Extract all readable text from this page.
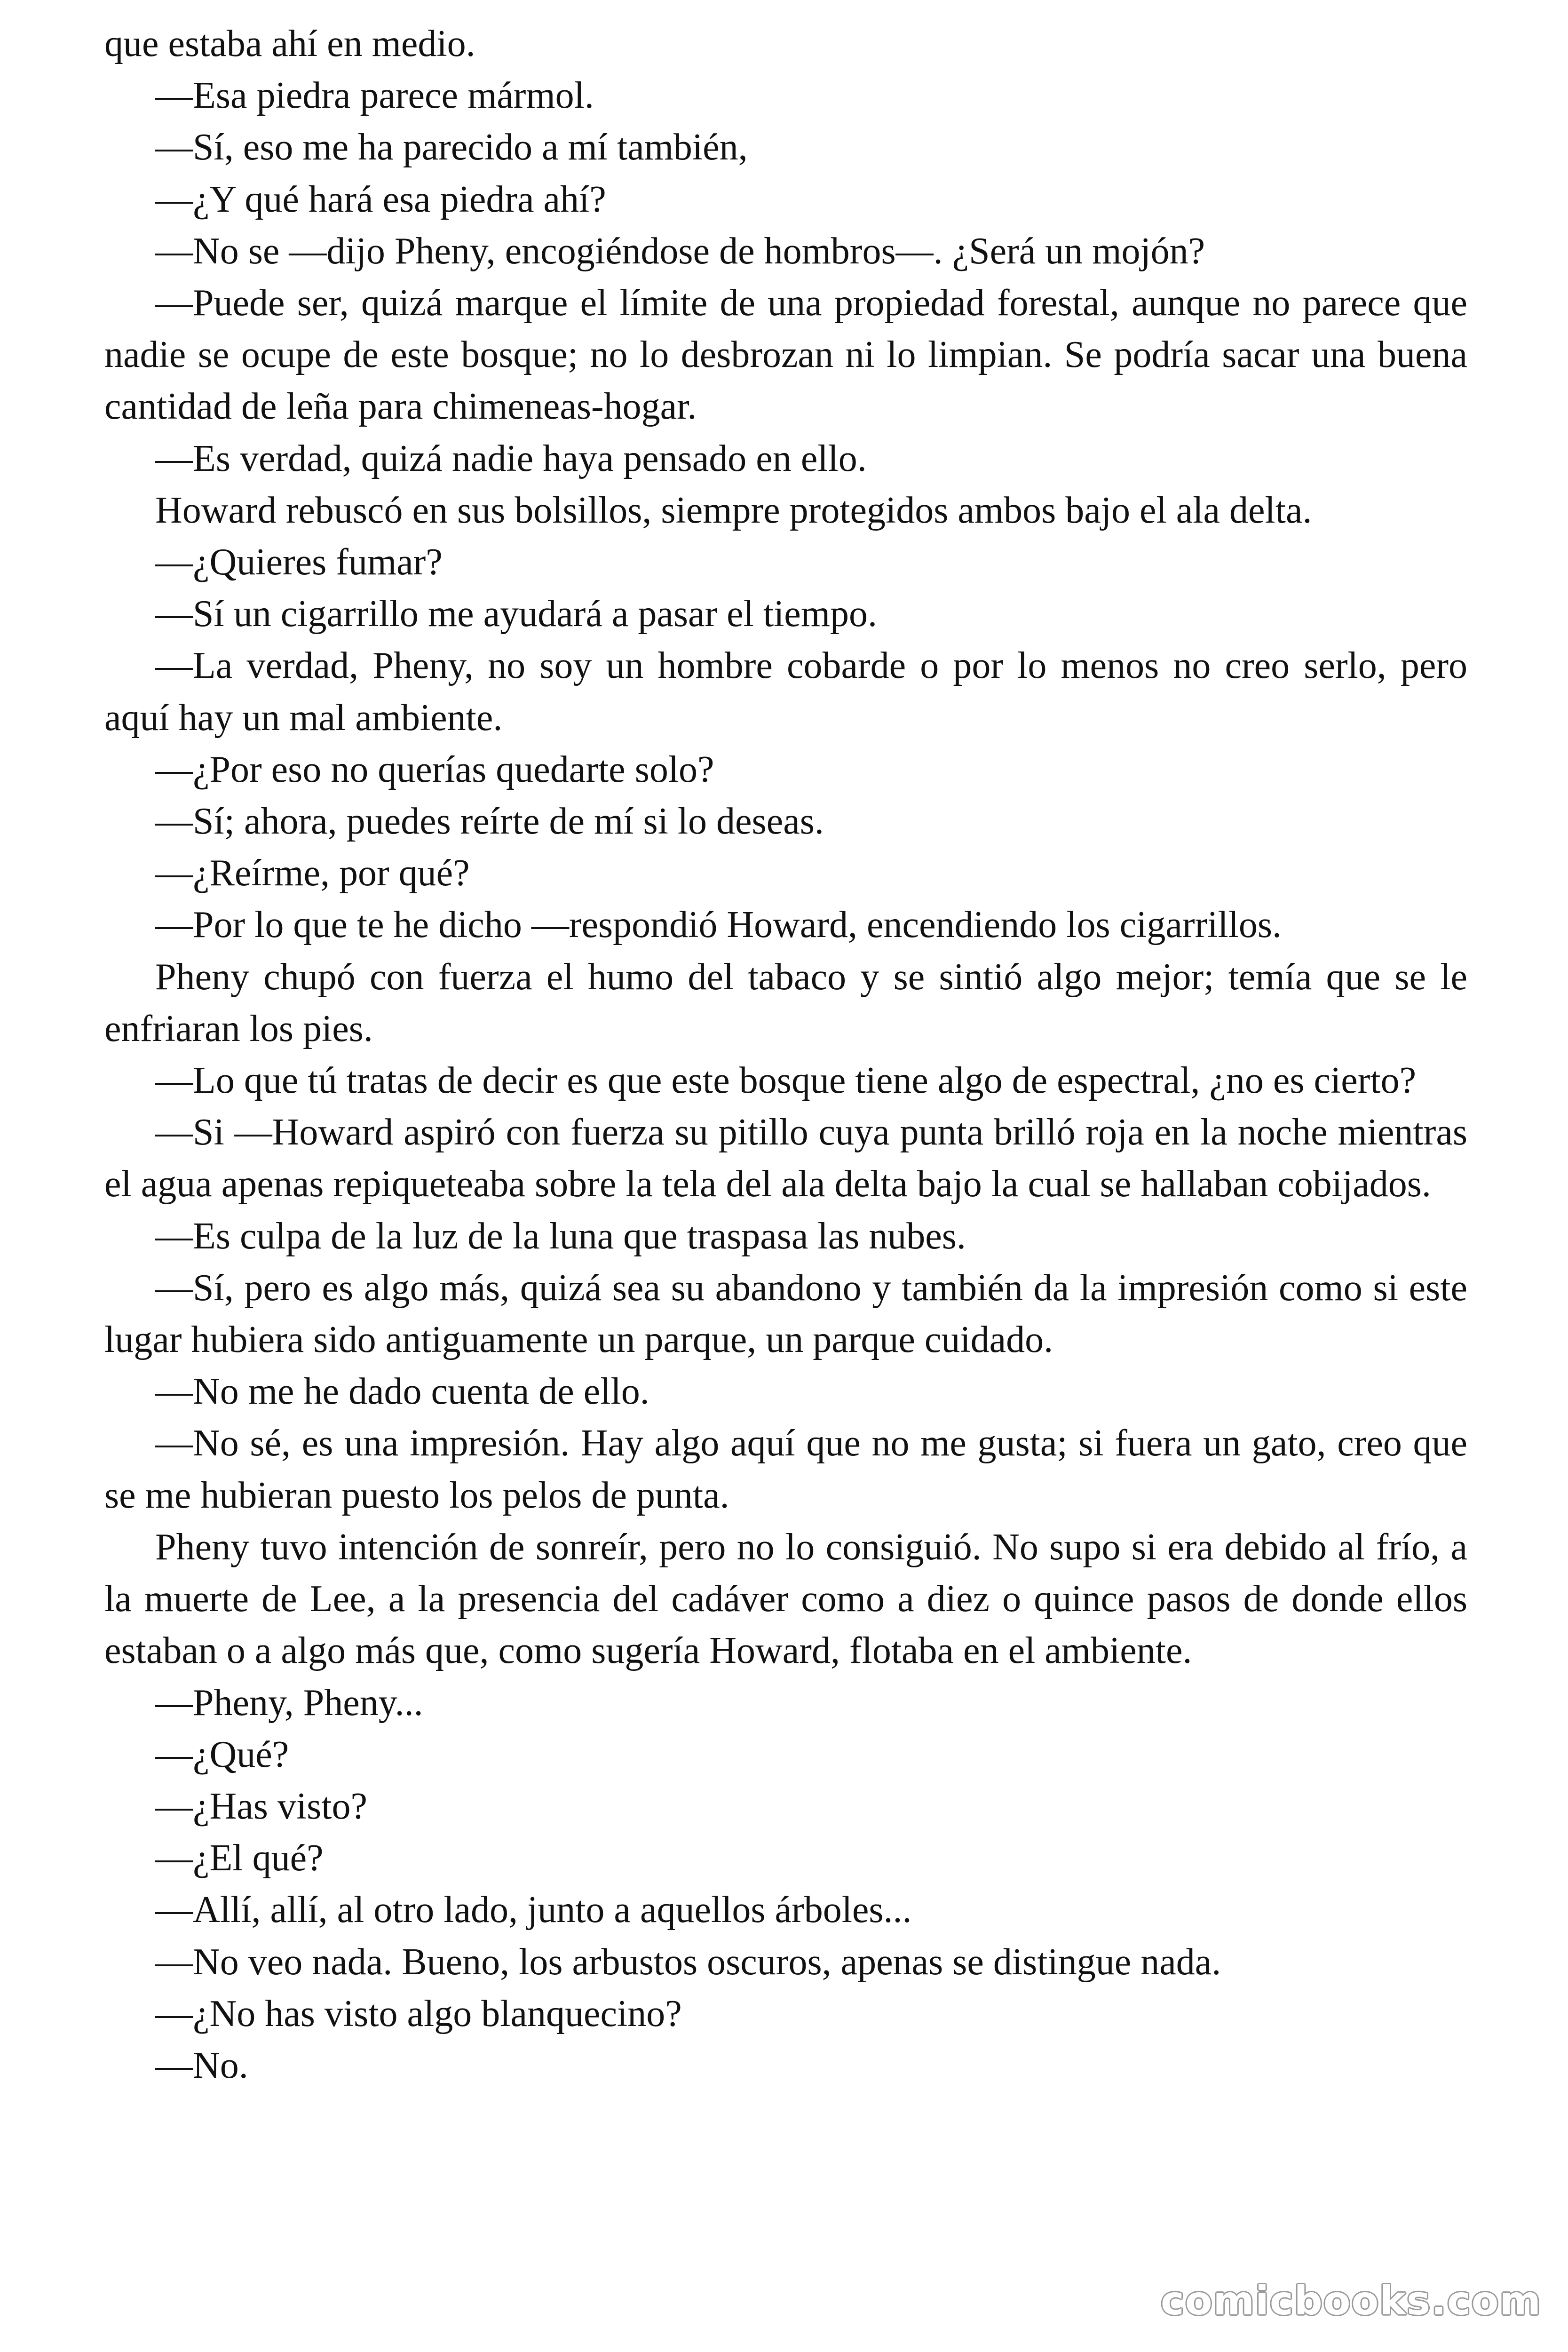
que estaba ahí en medio.

—Esa piedra parece mármol.

—Sí, eso me ha parecido a mí también,

—¿Y qué hará esa piedra ahí?

—No se —dijo Pheny, encogiéndose de hombros—. ¿Será un mojón?

—Puede ser, quizá marque el límite de una propiedad forestal, aunque no parece que nadie se ocupe de este bosque; no lo desbrozan ni lo limpian. Se podría sacar una buena cantidad de leña para chimeneas-hogar.

—Es verdad, quizá nadie haya pensado en ello.

Howard rebuscó en sus bolsillos, siempre protegidos ambos bajo el ala delta.

—¿Quieres fumar?

—Sí un cigarrillo me ayudará a pasar el tiempo.

—La verdad, Pheny, no soy un hombre cobarde o por lo menos no creo serlo, pero aquí hay un mal ambiente.

—¿Por eso no querías quedarte solo?

—Sí; ahora, puedes reírte de mí si lo deseas.

—¿Reírme, por qué?

—Por lo que te he dicho —respondió Howard, encendiendo los cigarrillos.

Pheny chupó con fuerza el humo del tabaco y se sintió algo mejor; temía que se le enfriaran los pies.

—Lo que tú tratas de decir es que este bosque tiene algo de espectral, ¿no es cierto?

—Si —Howard aspiró con fuerza su pitillo cuya punta brilló roja en la noche mientras el agua apenas repiqueteaba sobre la tela del ala delta bajo la cual se hallaban cobijados.

—Es culpa de la luz de la luna que traspasa las nubes.

—Sí, pero es algo más, quizá sea su abandono y también da la impresión como si este lugar hubiera sido antiguamente un parque, un parque cuidado.

—No me he dado cuenta de ello.

—No sé, es una impresión. Hay algo aquí que no me gusta; si fuera un gato, creo que se me hubieran puesto los pelos de punta.

Pheny tuvo intención de sonreír, pero no lo consiguió. No supo si era debido al frío, a la muerte de Lee, a la presencia del cadáver como a diez o quince pasos de donde ellos estaban o a algo más que, como sugería Howard, flotaba en el ambiente.

—Pheny, Pheny...

—¿Qué?

—¿Has visto?

—¿El qué?

—Allí, allí, al otro lado, junto a aquellos árboles...

—No veo nada. Bueno, los arbustos oscuros, apenas se distingue nada.

—¿No has visto algo blanquecino?

—No.

comicbooks.com
